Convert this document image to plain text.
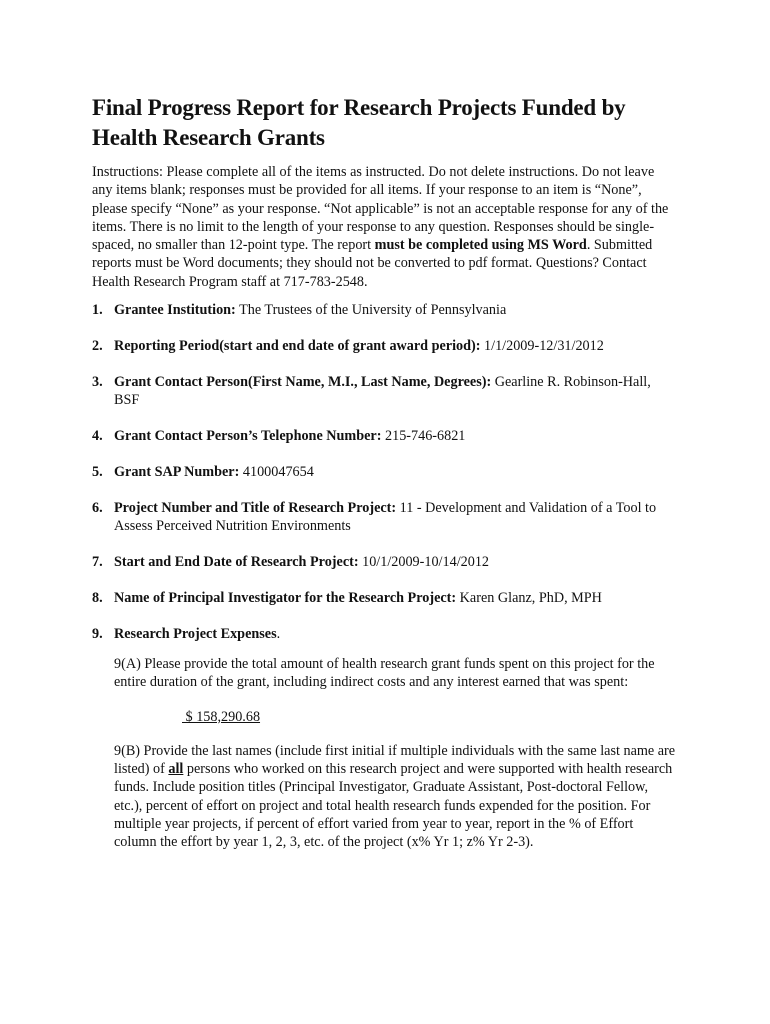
Final Progress Report for Research Projects Funded by Health Research Grants

Instructions: Please complete all of the items as instructed. Do not delete instructions. Do not leave any items blank; responses must be provided for all items. If your response to an item is “None”, please specify “None” as your response. “Not applicable” is not an acceptable response for any of the items. There is no limit to the length of your response to any question. Responses should be single-spaced, no smaller than 12-point type. The report must be completed using MS Word. Submitted reports must be Word documents; they should not be converted to pdf format. Questions? Contact Health Research Program staff at 717-783-2548.

1. Grantee Institution: The Trustees of the University of Pennsylvania
2. Reporting Period(start and end date of grant award period): 1/1/2009-12/31/2012
3. Grant Contact Person(First Name, M.I., Last Name, Degrees): Gearline R. Robinson-Hall, BSF
4. Grant Contact Person’s Telephone Number: 215-746-6821
5. Grant SAP Number: 4100047654
6. Project Number and Title of Research Project: 11 - Development and Validation of a Tool to Assess Perceived Nutrition Environments
7. Start and End Date of Research Project: 10/1/2009-10/14/2012
8. Name of Principal Investigator for the Research Project: Karen Glanz, PhD, MPH
9. Research Project Expenses.

9(A) Please provide the total amount of health research grant funds spent on this project for the entire duration of the grant, including indirect costs and any interest earned that was spent:

$ 158,290.68

9(B) Provide the last names (include first initial if multiple individuals with the same last name are listed) of all persons who worked on this research project and were supported with health research funds. Include position titles (Principal Investigator, Graduate Assistant, Post-doctoral Fellow, etc.), percent of effort on project and total health research funds expended for the position. For multiple year projects, if percent of effort varied from year to year, report in the % of Effort column the effort by year 1, 2, 3, etc. of the project (x% Yr 1; z% Yr 2-3).
